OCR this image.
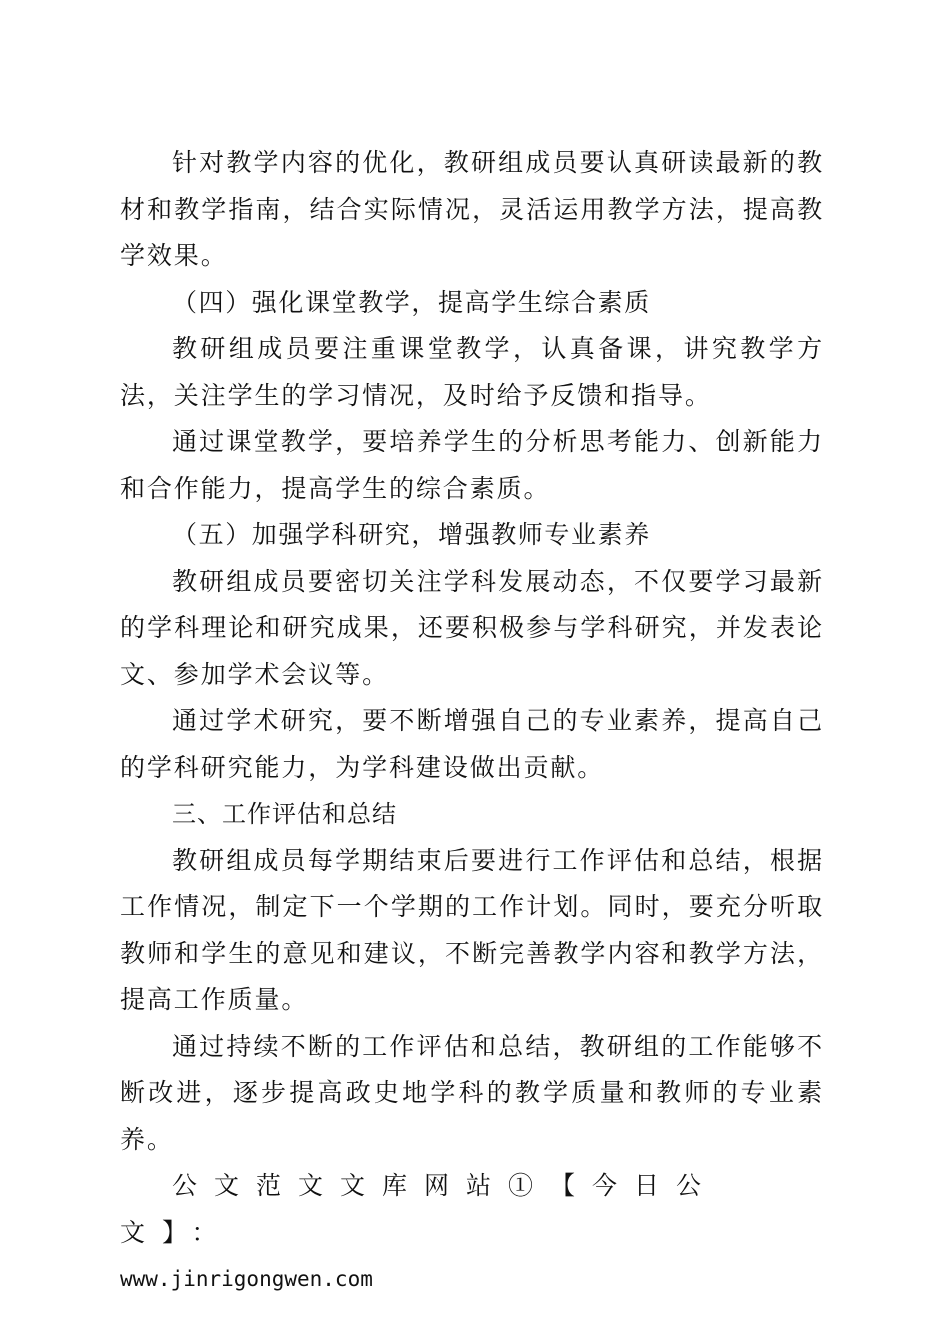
针对教学内容的优化，教研组成员要认真研读最新的教材和教学指南，结合实际情况，灵活运用教学方法，提高教学效果。

（四）强化课堂教学，提高学生综合素质

教研组成员要注重课堂教学，认真备课，讲究教学方法，关注学生的学习情况，及时给予反馈和指导。

通过课堂教学，要培养学生的分析思考能力、创新能力和合作能力，提高学生的综合素质。

（五）加强学科研究，增强教师专业素养

教研组成员要密切关注学科发展动态，不仅要学习最新的学科理论和研究成果，还要积极参与学科研究，并发表论文、参加学术会议等。

通过学术研究，要不断增强自己的专业素养，提高自己的学科研究能力，为学科建设做出贡献。

三、工作评估和总结

教研组成员每学期结束后要进行工作评估和总结，根据工作情况，制定下一个学期的工作计划。同时，要充分听取教师和学生的意见和建议，不断完善教学内容和教学方法，提高工作质量。

通过持续不断的工作评估和总结，教研组的工作能够不断改进，逐步提高政史地学科的教学质量和教师的专业素养。

公文范文文库网站①【今日公文】：
www.jinrigongwen.com
